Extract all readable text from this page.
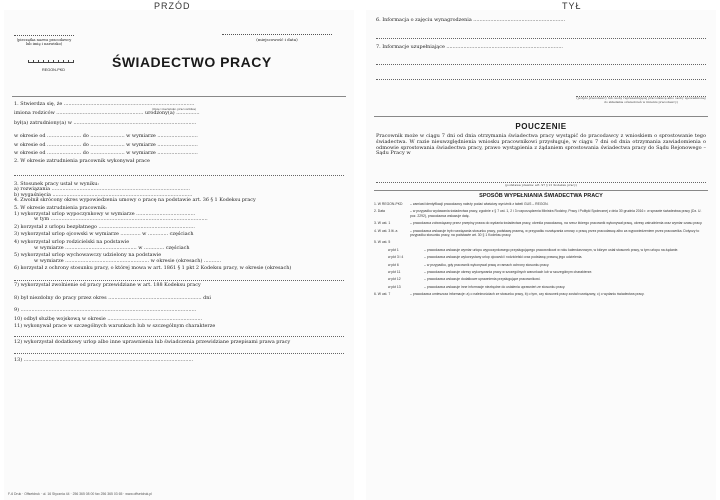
PRZÓD
(pieczątka nazwa pracodawcy lub imię i nazwisko)
(miejscowość i data)
REGON-PKD	ŚWIADECTWO PRACY
1. Stwierdza się, że ....................................................................................
(imię i nazwisko pracownika)
imiona rodziców ........................................................ urodzony(a) ...............
był(a) zatrudniony(a) w ...............................................................................
w okresie od ...................... do ...................... w wymiarze ..........................
w okresie od ...................... do ...................... w wymiarze ..........................
w okresie od ...................... do ...................... w wymiarze ..........................
2. W okresie zatrudnienia pracownik wykonywał prace
3. Stosunek pracy ustał w wyniku:
a) rozwiązania .........................................................................................
b) wygaśnięcia ..........................................................................................
4. Zwolnił skrócony okres wypowiedzenia umowy o pracę na podstawie art. 36 § 1 Kodeksu pracy
5. W okresie zatrudnienia pracownik:
1) wykorzystał urlop wypoczynkowy w wymiarze ......................................
w tym .....................................................................................................
2) korzystał z urlopu bezpłatnego ..............................................................
3) wykorzystał urlop ojcowski w wymiarze ............. w ............. częściach
4) wykorzystał urlop rodzicielski na podstawie
w wymiarze .............................................. w ............. częściach
5) wykorzystał urlop wychowawczy udzielony na podstawie
w wymiarze ...................................................... w okresie (okresach) ...........
6) korzystał z ochrony stosunku pracy, o której mowa w art. 1861 § 1 pkt 2 Kodeksu pracy, w okresie (okresach)
7) wykorzystał zwolnienie od pracy przewidziane w art. 188 Kodeksu pracy
8) był niezdolny do pracy przez okres ............................................................ dni
9) .................................................................................................................
10) odbył służbę wojskową w okresie .............................................................
11) wykonywał prace w szczególnych warunkach lub w szczególnym charakterze
12) wykorzystał dodatkowy urlop albo inne uprawnienia lub świadczenia przewidziane przepisami prawa pracy
13) .............................................................................................................
F-6 Druk · Offsetdruk · ul. 16 Stycznia 44 · 256 365 08 00 fax 256 365 03 65 · www.offsetdruk.pl
TYŁ
6. Informacja o zajęciu wynagrodzenia ...........................................................
7. Informacje uzupełniające ...........................................................................
(podpis pracodawcy lub osoby reprezentującej pracodawcę albo osoby upoważnionej do składania oświadczeń w imieniu pracodawcy)
POUCZENIE
Pracownik może w ciągu 7 dni od dnia otrzymania świadectwa pracy wystąpić do pracodawcy z wnioskiem o sprostowanie tego świadectwa. W razie nieuwzględnienia wniosku pracownikowi przysługuje, w ciągu 7 dni od dnia otrzymania zawiadomienia o odmowie sprostowania świadectwa pracy, prawo wystąpienia z żądaniem sprostowania świadectwa pracy do Sądu Rejonowego – Sądu Pracy w
(podstawa prawna: art. 97 § 21 Kodeksu pracy)
SPOSÓB WYPEŁNIANIA ŚWIADECTWA PRACY
1. W REGON-PKD	– zamiast identyfikacji pracodawcy należy podać właściwy wyróżnik z tabeli GUS – REGON.
2. Data	– w przypadku wydawania świadectwa pracy, zgodnie z § 7 ust. 1, 2 i 3 rozporządzenia Ministra Rodziny, Pracy i Polityki Społecznej z dnia 30 grudnia 2016 r. w sprawie świadectwa pracy (Dz. U. poz. 2292), pracodawca wskazuje datę.
3. W ust. 1	– pracodawca zobowiązany przez przepisy prawa do wydania świadectwa pracy, określa pracodawcę, na rzecz którego pracownik wykonywał pracę, okresy zatrudnienia oraz wymiar czasu pracy.
4. W ust. 3 lit. a	– pracodawca wskazuje tryb rozwiązania stosunku pracy, podstawę prawną, w przypadku rozwiązania umowy o pracę przez pracodawcę albo za wypowiedzeniem przez pracownika. Dotyczy to przypadku stosunku pracy, na podstawie art. 30 § 1 Kodeksu pracy.
5. W ust. 5
w pkt 1	– pracodawca wskazuje wymiar urlopu wypoczynkowego przysługującego pracownikowi w roku kalendarzowym, w którym ustał stosunek pracy, w tym urlopu na żądanie.
w pkt 3 i 4	– pracodawca wskazuje wykorzystany urlop ojcowski i rodzicielski oraz podstawę prawną jego udzielenia.
w pkt 6	– w przypadku, gdy pracownik wykonywał pracę w ramach ochrony stosunku pracy.
w pkt 11	– pracodawca wskazuje okresy wykonywania pracy w szczególnych warunkach lub w szczególnym charakterze.
w pkt 12	– pracodawca wskazuje dodatkowe uprawnienia przysługujące pracownikowi.
w pkt 13	– pracodawca wskazuje inne informacje niezbędne do ustalenia uprawnień ze stosunku pracy.
6. W ust. 7	– pracodawca umieszcza informacje: a) o należnościach ze stosunku pracy, b) o tym, czy stosunek pracy został rozwiązany, c) o wydaniu świadectwa pracy.
